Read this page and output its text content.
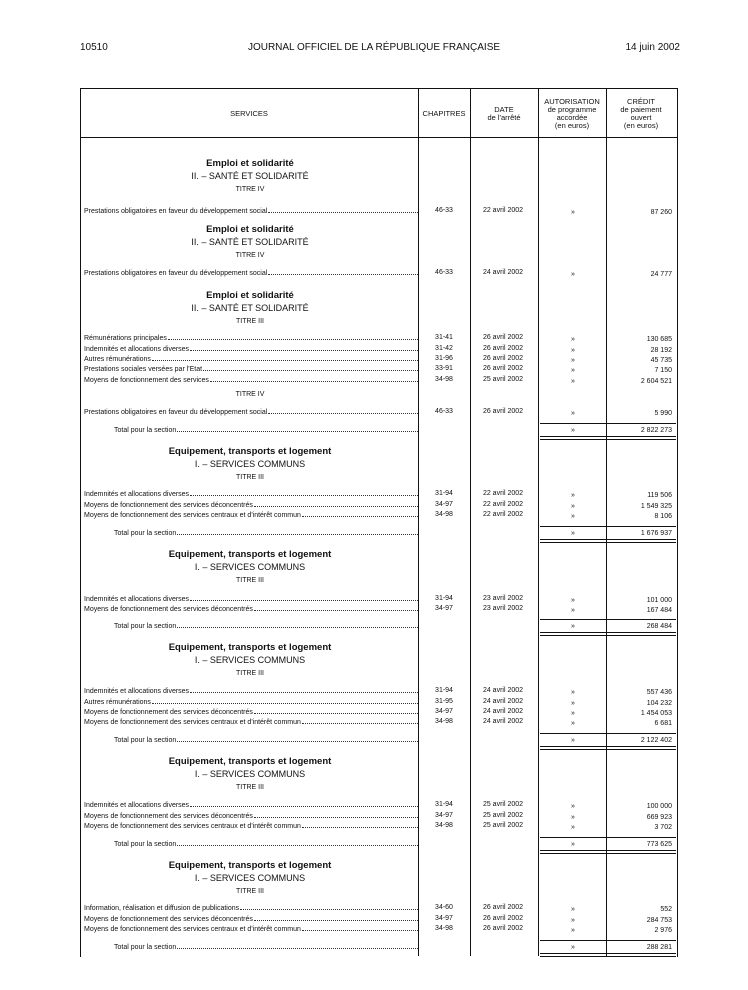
10510	JOURNAL OFFICIEL DE LA RÉPUBLIQUE FRANÇAISE	14 juin 2002
SERVICES	CHAPITRES	DATE
de l'arrêté
AUTORISATION
de programme
accordée
(en euros)
CRÉDIT
de paiement
ouvert
(en euros)
Emploi et solidarité
II. – SANTÉ ET SOLIDARITÉ
TITRE IV
Prestations obligatoires en faveur du développement social	46-33	22 avril 2002	»	87 260
Emploi et solidarité
II. – SANTÉ ET SOLIDARITÉ
TITRE IV
Prestations obligatoires en faveur du développement social	46-33	24 avril 2002	»	24 777
Emploi et solidarité
II. – SANTÉ ET SOLIDARITÉ
TITRE III
Rémunérations principales	31-41	26 avril 2002	»	130 685
Indemnités et allocations diverses	31-42	26 avril 2002	»	28 192
Autres rémunérations	31-96	26 avril 2002	»	45 735
Prestations sociales versées par l'Etat	33-91	26 avril 2002	»	7 150
Moyens de fonctionnement des services	34-98	25 avril 2002	»	2 604 521
TITRE IV
Prestations obligatoires en faveur du développement social	46-33	26 avril 2002	»	5 990
Total pour la section	»	2 822 273
Equipement, transports et logement
I. – SERVICES COMMUNS
TITRE III
Indemnités et allocations diverses	31-94	22 avril 2002	»	119 506
Moyens de fonctionnement des services déconcentrés	34-97	22 avril 2002	»	1 549 325
Moyens de fonctionnement des services centraux et d'intérêt commun	34-98	22 avril 2002	»	8 106
Total pour la section	»	1 676 937
Equipement, transports et logement
I. – SERVICES COMMUNS
TITRE III
Indemnités et allocations diverses	31-94	23 avril 2002	»	101 000
Moyens de fonctionnement des services déconcentrés	34-97	23 avril 2002	»	167 484
Total pour la section	»	268 484
Equipement, transports et logement
I. – SERVICES COMMUNS
TITRE III
Indemnités et allocations diverses	31-94	24 avril 2002	»	557 436
Autres rémunérations	31-95	24 avril 2002	»	104 232
Moyens de fonctionnement des services déconcentrés	34-97	24 avril 2002	»	1 454 053
Moyens de fonctionnement des services centraux et d'intérêt commun	34-98	24 avril 2002	»	6 681
Total pour la section	»	2 122 402
Equipement, transports et logement
I. – SERVICES COMMUNS
TITRE III
Indemnités et allocations diverses	31-94	25 avril 2002	»	100 000
Moyens de fonctionnement des services déconcentrés	34-97	25 avril 2002	»	669 923
Moyens de fonctionnement des services centraux et d'intérêt commun	34-98	25 avril 2002	»	3 702
Total pour la section	»	773 625
Equipement, transports et logement
I. – SERVICES COMMUNS
TITRE III
Information, réalisation et diffusion de publications	34-60	26 avril 2002	»	552
Moyens de fonctionnement des services déconcentrés	34-97	26 avril 2002	»	284 753
Moyens de fonctionnement des services centraux et d'intérêt commun	34-98	26 avril 2002	»	2 976
Total pour la section	»	288 281
